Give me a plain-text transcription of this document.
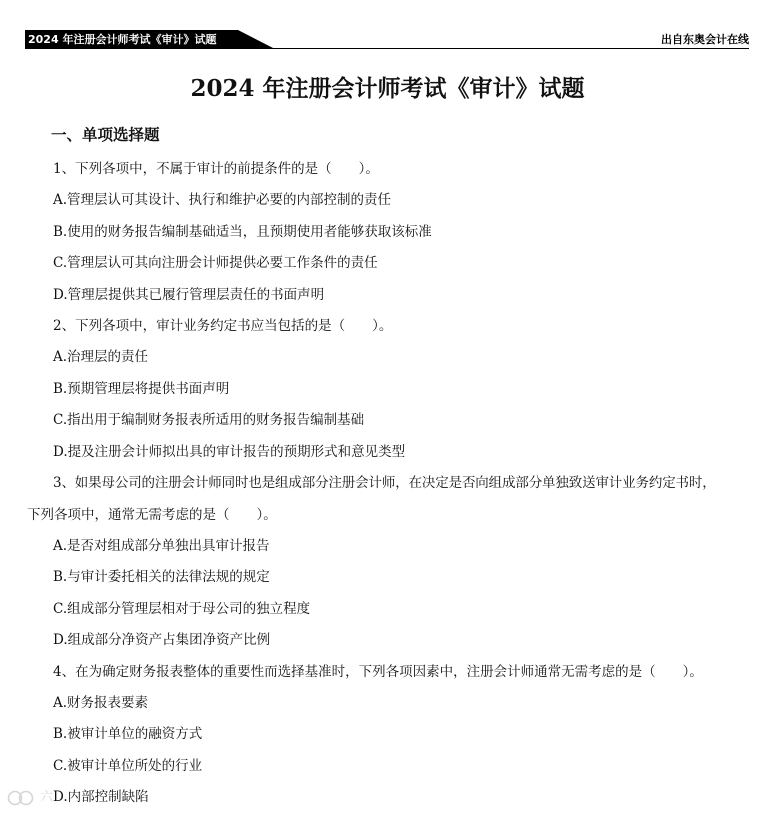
2024 年注册会计师考试《审计》试题	出自东奥会计在线
2024 年注册会计师考试《审计》试题
一、单项选择题
1、下列各项中，不属于审计的前提条件的是（　　）。
A.管理层认可其设计、执行和维护必要的内部控制的责任
B.使用的财务报告编制基础适当，且预期使用者能够获取该标准
C.管理层认可其向注册会计师提供必要工作条件的责任
D.管理层提供其已履行管理层责任的书面声明
2、下列各项中，审计业务约定书应当包括的是（　　）。
A.治理层的责任
B.预期管理层将提供书面声明
C.指出用于编制财务报表所适用的财务报告编制基础
D.提及注册会计师拟出具的审计报告的预期形式和意见类型
3、如果母公司的注册会计师同时也是组成部分注册会计师，在决定是否向组成部分单独致送审计业务约定书时，
下列各项中，通常无需考虑的是（　　）。
A.是否对组成部分单独出具审计报告
B.与审计委托相关的法律法规的规定
C.组成部分管理层相对于母公司的独立程度
D.组成部分净资产占集团净资产比例
4、在为确定财务报表整体的重要性而选择基准时，下列各项因素中，注册会计师通常无需考虑的是（　　）。
A.财务报表要素
B.被审计单位的融资方式
C.被审计单位所处的行业
D.内部控制缺陷
六
